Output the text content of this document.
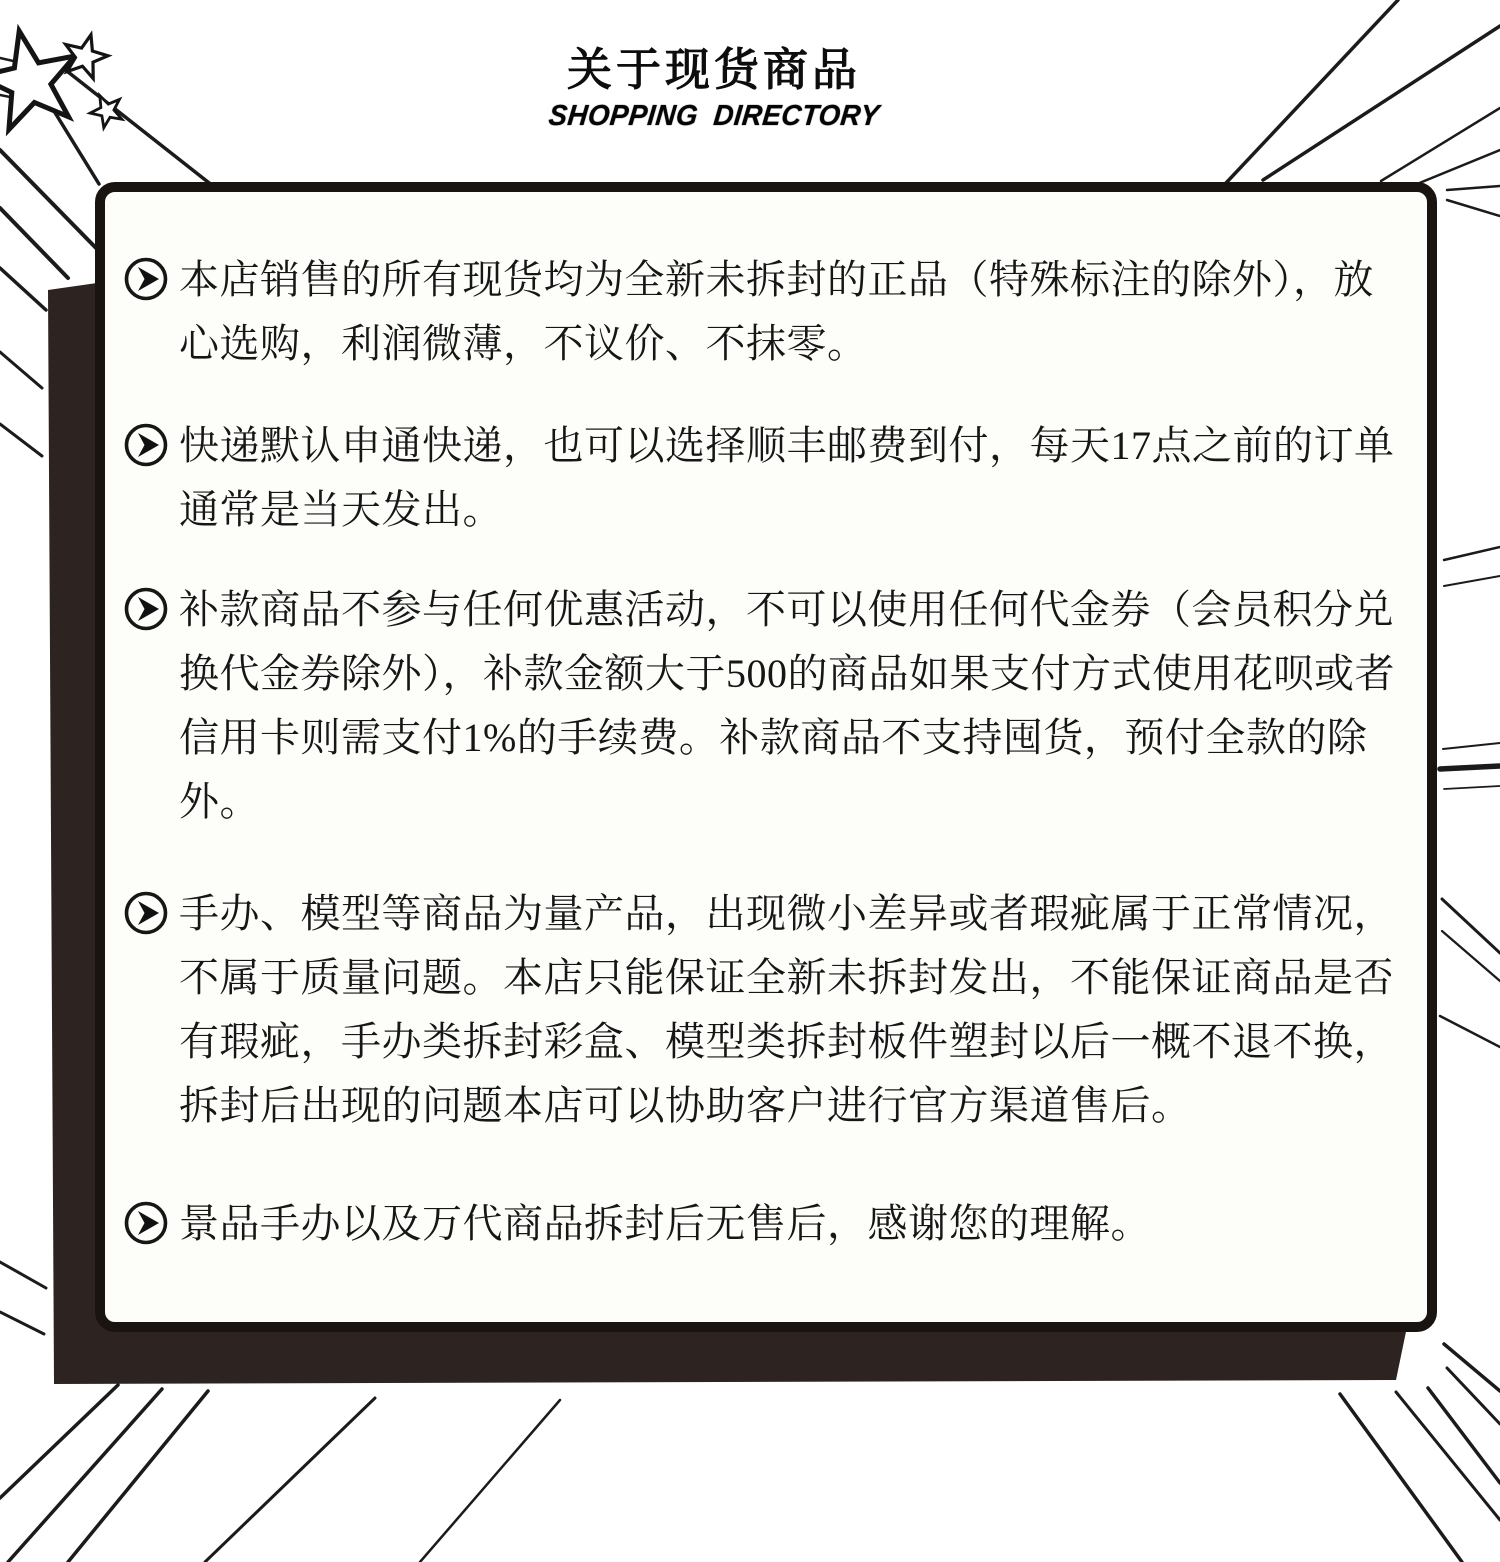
关于现货商品
SHOPPING DIRECTORY

本店销售的所有现货均为全新未拆封的正品（特殊标注的除外），放心选购，利润微薄，不议价、不抹零。

快递默认申通快递，也可以选择顺丰邮费到付，每天17点之前的订单通常是当天发出。

补款商品不参与任何优惠活动，不可以使用任何代金券（会员积分兑换代金券除外），补款金额大于500的商品如果支付方式使用花呗或者信用卡则需支付1%的手续费。补款商品不支持囤货，预付全款的除外。

手办、模型等商品为量产品，出现微小差异或者瑕疵属于正常情况，不属于质量问题。本店只能保证全新未拆封发出，不能保证商品是否有瑕疵，手办类拆封彩盒、模型类拆封板件塑封以后一概不退不换，拆封后出现的问题本店可以协助客户进行官方渠道售后。

景品手办以及万代商品拆封后无售后，感谢您的理解。
